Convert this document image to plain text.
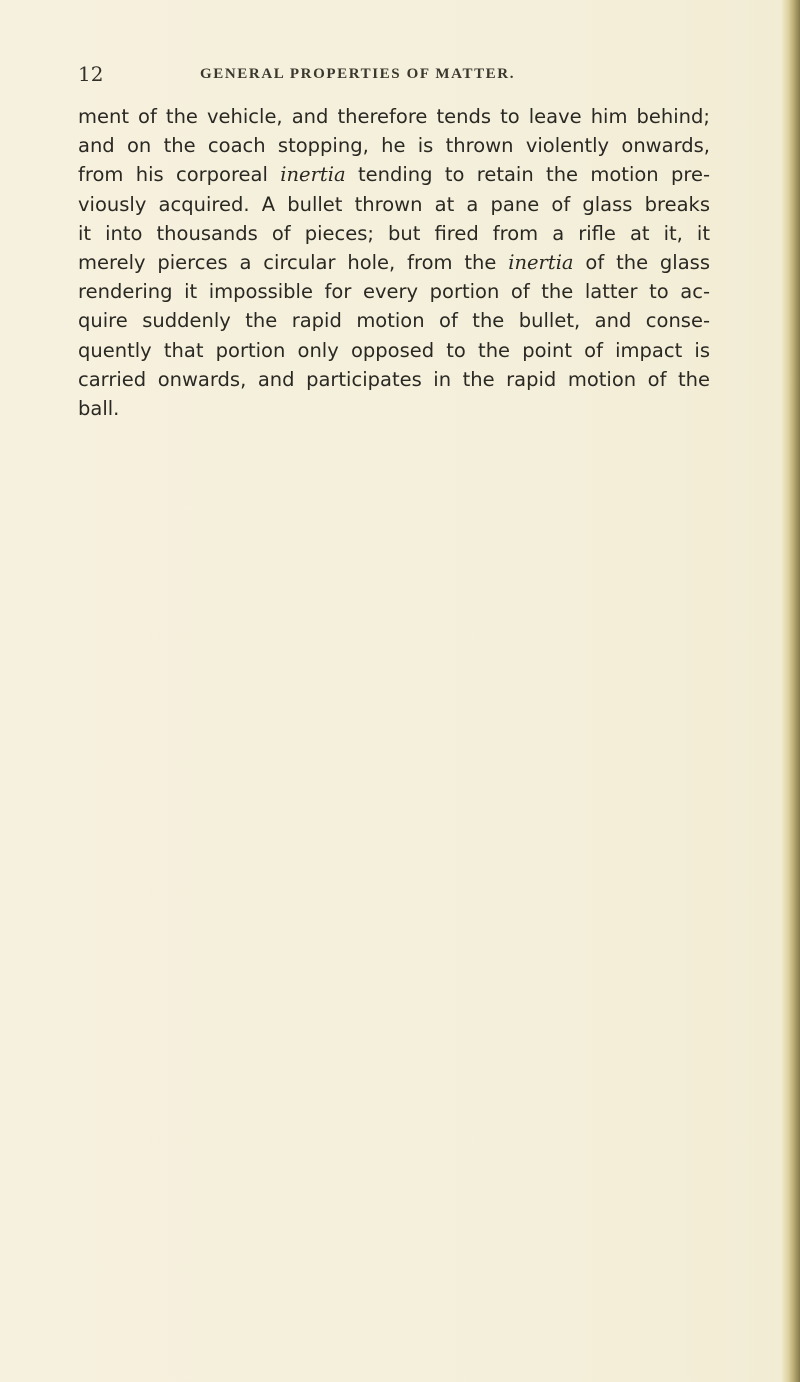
12	GENERAL PROPERTIES OF MATTER.
ment of the vehicle, and therefore tends to leave him behind;
and on the coach stopping, he is thrown violently onwards,
from his corporeal inertia tending to retain the motion pre-
viously acquired. A bullet thrown at a pane of glass breaks
it into thousands of pieces; but fired from a rifle at it, it
merely pierces a circular hole, from the inertia of the glass
rendering it impossible for every portion of the latter to ac-
quire suddenly the rapid motion of the bullet, and conse-
quently that portion only opposed to the point of impact is
carried onwards, and participates in the rapid motion of the
ball.
